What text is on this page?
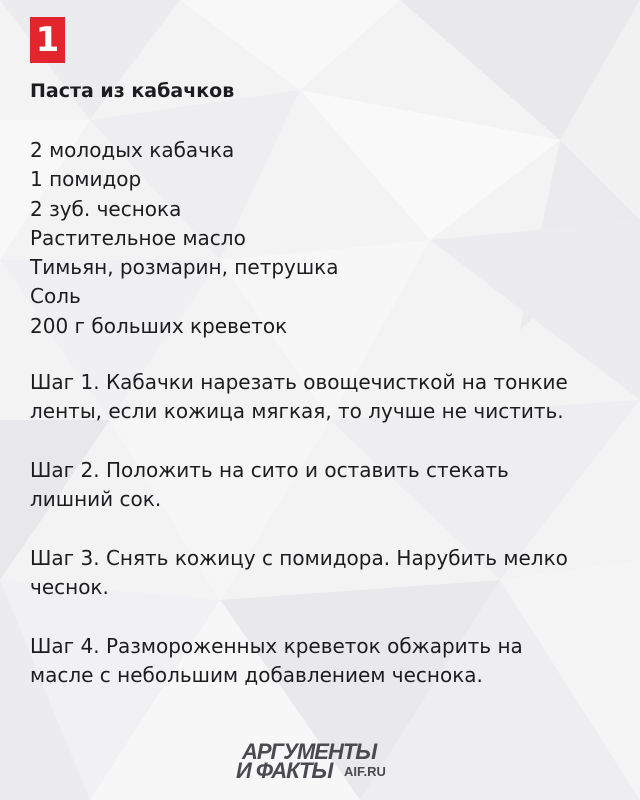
1
Паста из кабачков
2 молодых кабачка
1 помидор
2 зуб. чеснока
Растительное масло
Тимьян, розмарин, петрушка
Соль
200 г больших креветок

Шаг 1. Кабачки нарезать овощечисткой на тонкие
ленты, если кожица мягкая, то лучше не чистить.

Шаг 2. Положить на сито и оставить стекать
лишний сок.

Шаг 3. Снять кожицу с помидора. Нарубить мелко
чеснок.

Шаг 4. Размороженных креветок обжарить на
масле с небольшим добавлением чеснока.

АРГУМЕНТЫ
И ФАКТЫ AIF.RU
